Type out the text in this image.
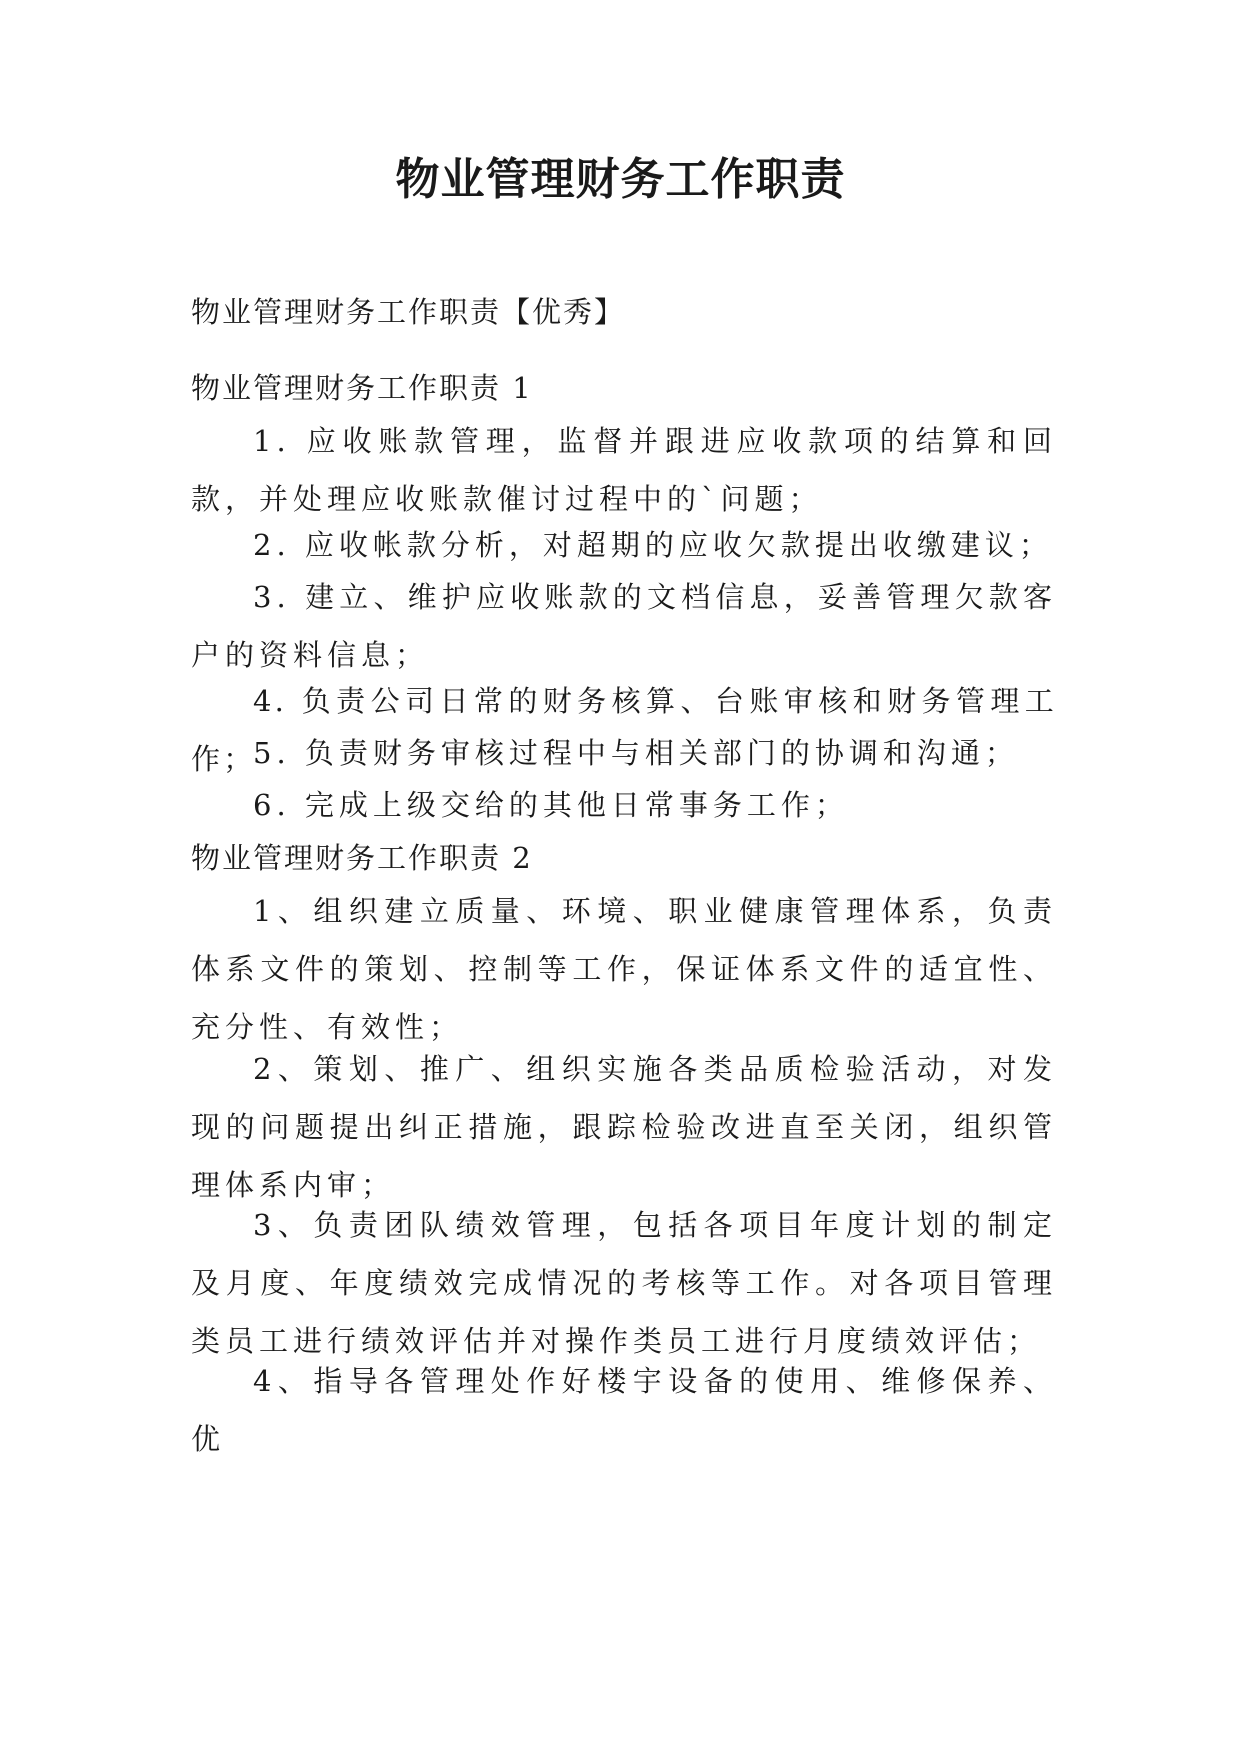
物业管理财务工作职责
物业管理财务工作职责【优秀】
物业管理财务工作职责 1

1. 应收账款管理，监督并跟进应收款项的结算和回款，并处理应收账款催讨过程中的`问题；

2. 应收帐款分析，对超期的应收欠款提出收缴建议；

3. 建立、维护应收账款的文档信息，妥善管理欠款客户的资料信息；

4. 负责公司日常的财务核算、台账审核和财务管理工作；

5. 负责财务审核过程中与相关部门的协调和沟通；

6. 完成上级交给的其他日常事务工作；

物业管理财务工作职责 2

1、组织建立质量、环境、职业健康管理体系，负责体系文件的策划、控制等工作，保证体系文件的适宜性、充分性、有效性；

2、策划、推广、组织实施各类品质检验活动，对发现的问题提出纠正措施，跟踪检验改进直至关闭，组织管理体系内审；

3、负责团队绩效管理，包括各项目年度计划的制定及月度、年度绩效完成情况的考核等工作。对各项目管理类员工进行绩效评估并对操作类员工进行月度绩效评估；

4、指导各管理处作好楼宇设备的使用、维修保养、优
